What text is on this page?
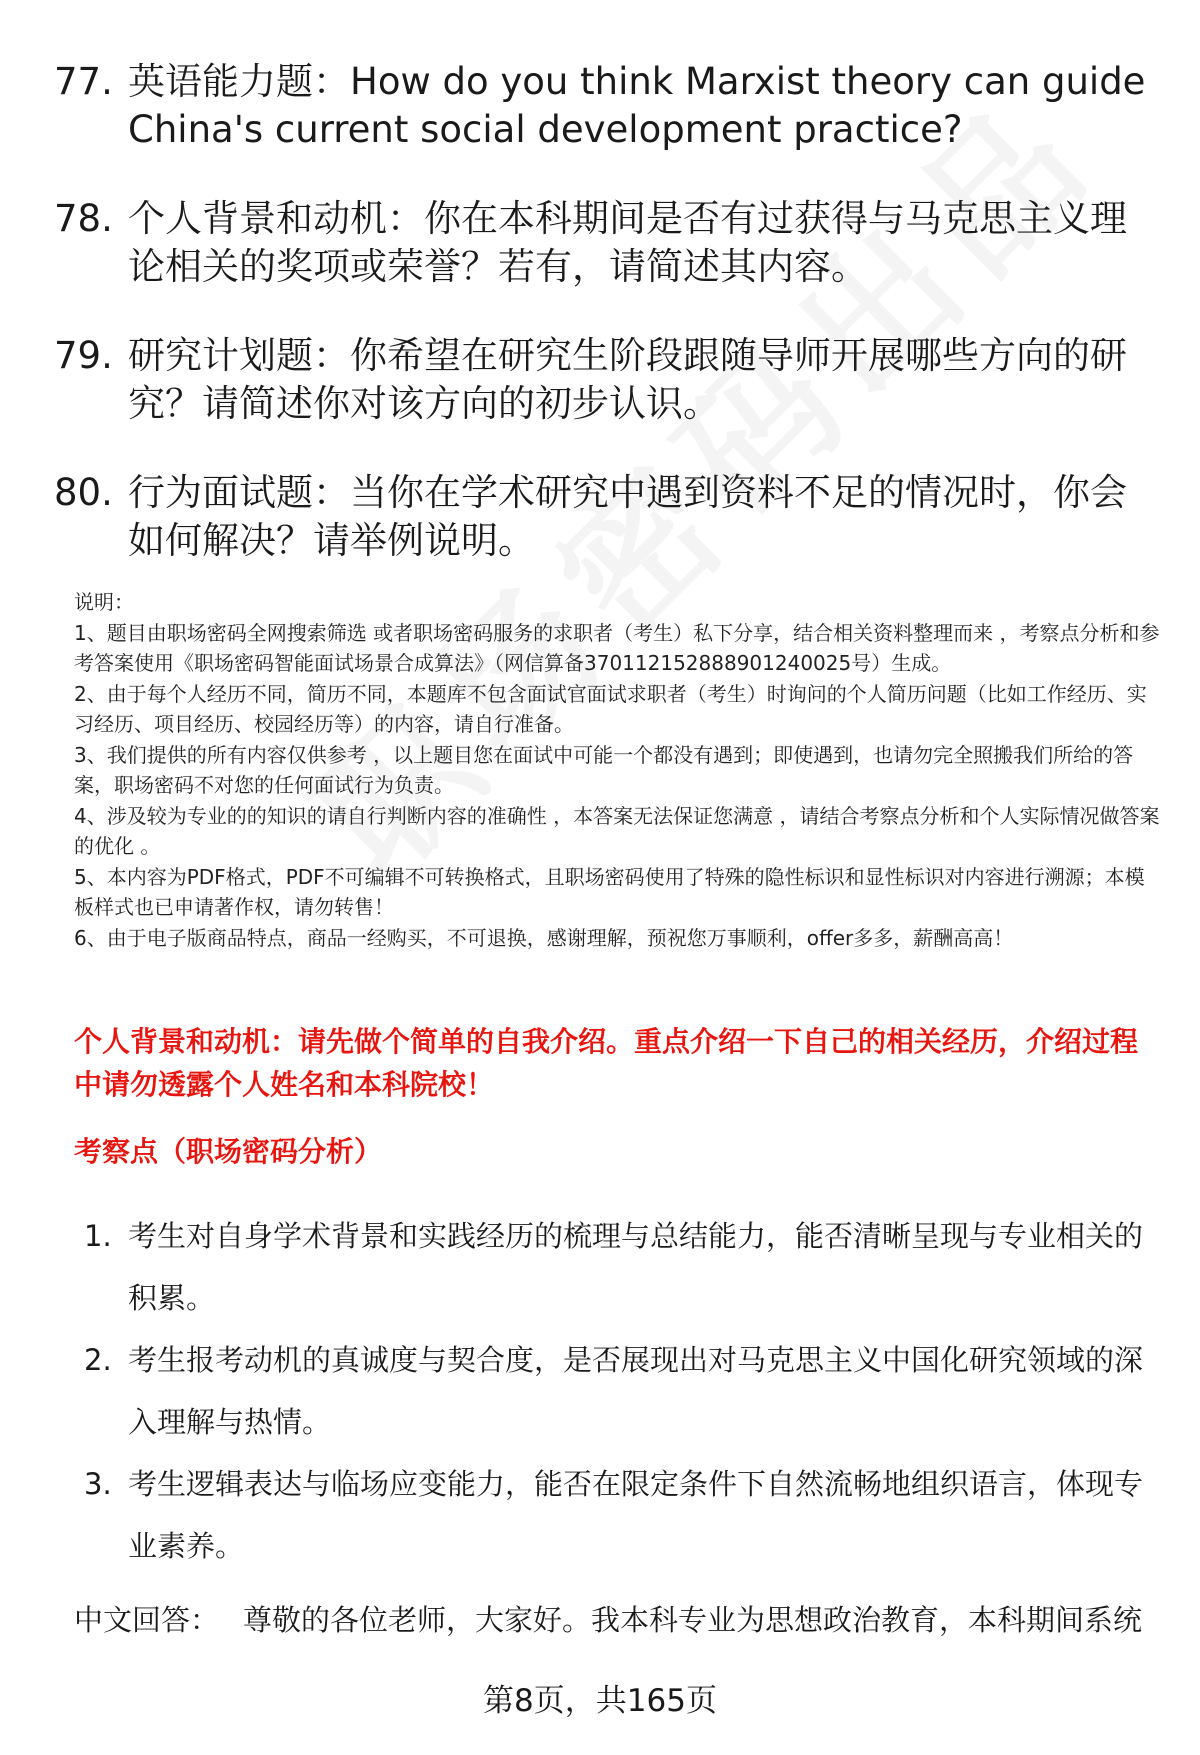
77. 英语能力题：How do you think Marxist theory can guide China's current social development practice?
78. 个人背景和动机：你在本科期间是否有过获得与马克思主义理论相关的奖项或荣誉？若有，请简述其内容。
79. 研究计划题：你希望在研究生阶段跟随导师开展哪些方向的研究？请简述你对该方向的初步认识。
80. 行为面试题：当你在学术研究中遇到资料不足的情况时，你会如何解决？请举例说明。
说明：
1、题目由职场密码全网搜索筛选 或者职场密码服务的求职者（考生）私下分享，结合相关资料整理而来 ，考察点分析和参考答案使用《职场密码智能面试场景合成算法》（网信算备370112152888901240025号）生成。
2、由于每个人经历不同，简历不同，本题库不包含面试官面试求职者（考生）时询问的个人简历问题（比如工作经历、实习经历、项目经历、校园经历等）的内容，请自行准备。
3、我们提供的所有内容仅供参考 ，以上题目您在面试中可能一个都没有遇到；即使遇到，也请勿完全照搬我们所给的答案，职场密码不对您的任何面试行为负责。
4、涉及较为专业的的知识的请自行判断内容的准确性 ，本答案无法保证您满意 ，请结合考察点分析和个人实际情况做答案的优化 。
5、本内容为PDF格式，PDF不可编辑不可转换格式，且职场密码使用了特殊的隐性标识和显性标识对内容进行溯源；本模板样式也已申请著作权，请勿转售！
6、由于电子版商品特点，商品一经购买，不可退换，感谢理解，预祝您万事顺利，offer多多，薪酬高高！
个人背景和动机：请先做个简单的自我介绍。重点介绍一下自己的相关经历，介绍过程中请勿透露个人姓名和本科院校！
考察点（职场密码分析）
1. 考生对自身学术背景和实践经历的梳理与总结能力，能否清晰呈现与专业相关的积累。
2. 考生报考动机的真诚度与契合度，是否展现出对马克思主义中国化研究领域的深入理解与热情。
3. 考生逻辑表达与临场应变能力，能否在限定条件下自然流畅地组织语言，体现专业素养。
中文回答： 尊敬的各位老师，大家好。我本科专业为思想政治教育，本科期间系统
第8页，共165页
